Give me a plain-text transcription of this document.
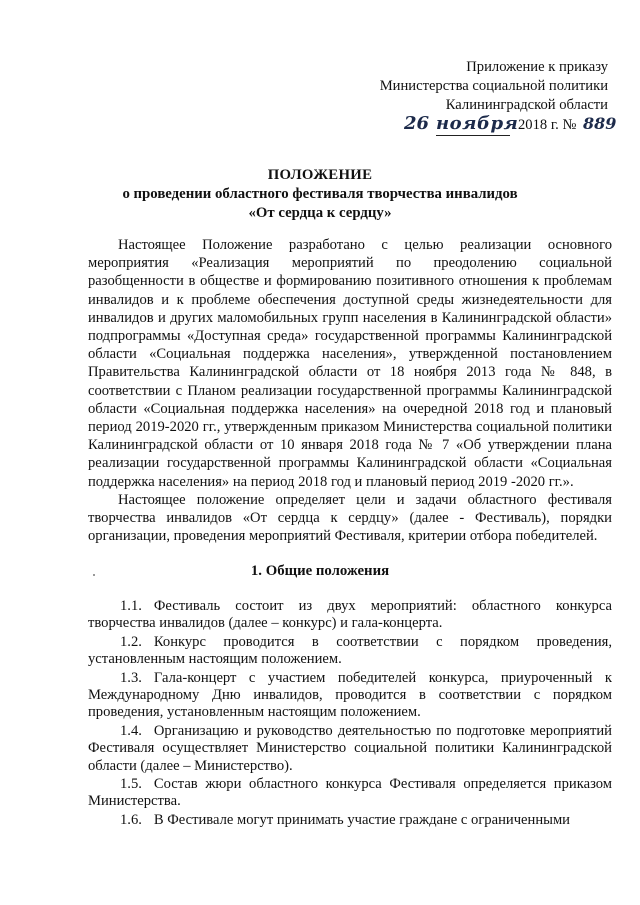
Приложение к приказу
Министерства социальной политики
Калининградской области
26 ноября 2018 г. № 889
ПОЛОЖЕНИЕ
о проведении областного фестиваля творчества инвалидов
«От сердца к сердцу»

Настоящее Положение разработано с целью реализации основного мероприятия «Реализация мероприятий по преодолению социальной разобщенности в обществе и формированию позитивного отношения к проблемам инвалидов и к проблеме обеспечения доступной среды жизнедеятельности для инвалидов и других маломобильных групп населения в Калининградской области» подпрограммы «Доступная среда» государственной программы Калининградской области «Социальная поддержка населения», утвержденной постановлением Правительства Калининградской области от 18 ноября 2013 года № 848, в соответствии с Планом реализации государственной программы Калининградской области «Социальная поддержка населения» на очередной 2018 год и плановый период 2019-2020 гг., утвержденным приказом Министерства социальной политики Калининградской области от 10 января 2018 года № 7 «Об утверждении плана реализации государственной программы Калининградской области «Социальная поддержка населения» на период 2018 год и плановый период 2019 -2020 гг.».

Настоящее положение определяет цели и задачи областного фестиваля творчества инвалидов «От сердца к сердцу» (далее - Фестиваль), порядки организации, проведения мероприятий Фестиваля, критерии отбора победителей.

1. Общие положения

1.1. Фестиваль состоит из двух мероприятий: областного конкурса творчества инвалидов (далее – конкурс) и гала-концерта.

1.2. Конкурс проводится в соответствии с порядком проведения, установленным настоящим положением.

1.3. Гала-концерт с участием победителей конкурса, приуроченный к Международному Дню инвалидов, проводится в соответствии с порядком проведения, установленным настоящим положением.

1.4. Организацию и руководство деятельностью по подготовке мероприятий Фестиваля осуществляет Министерство социальной политики Калининградской области (далее – Министерство).

1.5. Состав жюри областного конкурса Фестиваля определяется приказом Министерства.

1.6. В Фестивале могут принимать участие граждане с ограниченными
